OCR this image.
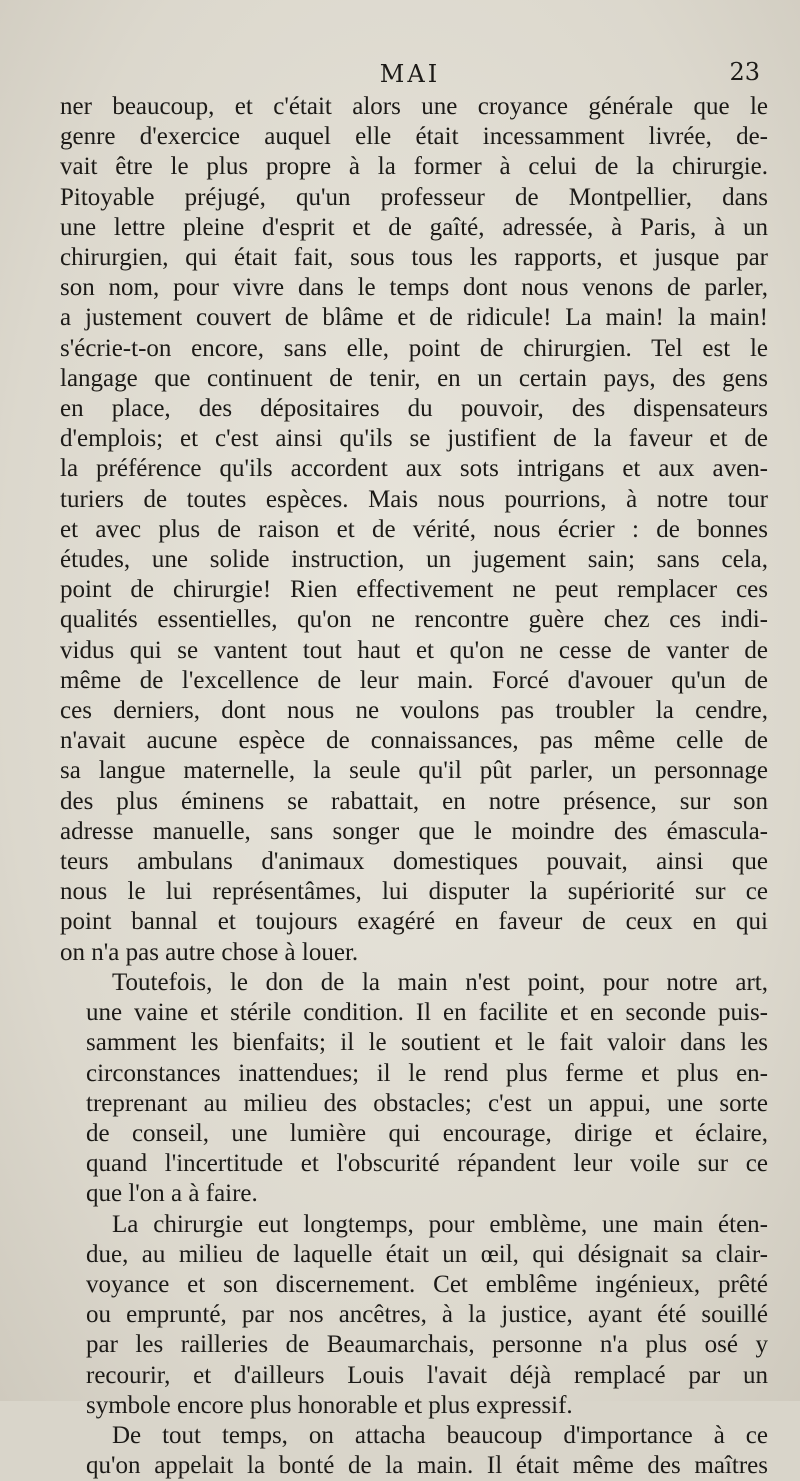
MAI	23
ner beaucoup, et c'était alors une croyance générale que le
genre d'exercice auquel elle était incessamment livrée, de-
vait être le plus propre à la former à celui de la chirurgie.
Pitoyable préjugé, qu'un professeur de Montpellier, dans
une lettre pleine d'esprit et de gaîté, adressée, à Paris, à un
chirurgien, qui était fait, sous tous les rapports, et jusque par
son nom, pour vivre dans le temps dont nous venons de parler,
a justement couvert de blâme et de ridicule! La main! la main!
s'écrie-t-on encore, sans elle, point de chirurgien. Tel est le
langage que continuent de tenir, en un certain pays, des gens
en place, des dépositaires du pouvoir, des dispensateurs
d'emplois; et c'est ainsi qu'ils se justifient de la faveur et de
la préférence qu'ils accordent aux sots intrigans et aux aven-
turiers de toutes espèces. Mais nous pourrions, à notre tour
et avec plus de raison et de vérité, nous écrier : de bonnes
études, une solide instruction, un jugement sain; sans cela,
point de chirurgie! Rien effectivement ne peut remplacer ces
qualités essentielles, qu'on ne rencontre guère chez ces indi-
vidus qui se vantent tout haut et qu'on ne cesse de vanter de
même de l'excellence de leur main. Forcé d'avouer qu'un de
ces derniers, dont nous ne voulons pas troubler la cendre,
n'avait aucune espèce de connaissances, pas même celle de
sa langue maternelle, la seule qu'il pût parler, un personnage
des plus éminens se rabattait, en notre présence, sur son
adresse manuelle, sans songer que le moindre des émascula-
teurs ambulans d'animaux domestiques pouvait, ainsi que
nous le lui représentâmes, lui disputer la supériorité sur ce
point bannal et toujours exagéré en faveur de ceux en qui
on n'a pas autre chose à louer.
Toutefois, le don de la main n'est point, pour notre art,
une vaine et stérile condition. Il en facilite et en seconde puis-
samment les bienfaits; il le soutient et le fait valoir dans les
circonstances inattendues; il le rend plus ferme et plus en-
treprenant au milieu des obstacles; c'est un appui, une sorte
de conseil, une lumière qui encourage, dirige et éclaire,
quand l'incertitude et l'obscurité répandent leur voile sur ce
que l'on a à faire.
La chirurgie eut longtemps, pour emblème, une main éten-
due, au milieu de laquelle était un œil, qui désignait sa clair-
voyance et son discernement. Cet emblême ingénieux, prêté
ou emprunté, par nos ancêtres, à la justice, ayant été souillé
par les railleries de Beaumarchais, personne n'a plus osé y
recourir, et d'ailleurs Louis l'avait déjà remplacé par un
symbole encore plus honorable et plus expressif.
De tout temps, on attacha beaucoup d'importance à ce
qu'on appelait la bonté de la main. Il était même des maîtres
